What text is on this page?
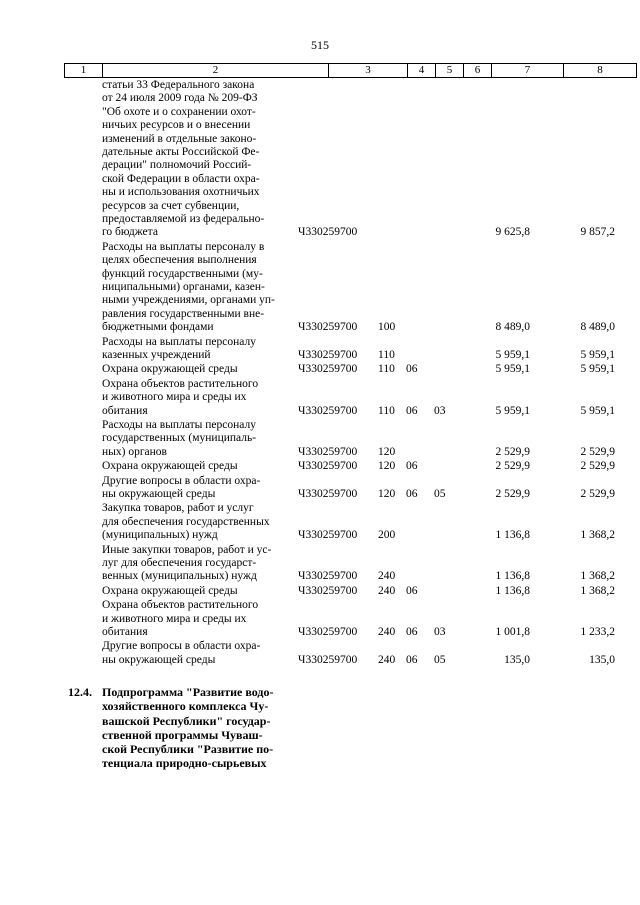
515
1	2	3	4	5	6	7	8
статьи 33 Федерального закона
от 24 июля 2009 года № 209-ФЗ
"Об охоте и о сохранении охот-
ничьих ресурсов и о внесении
изменений в отдельные законо-
дательные акты Российской Фе-
дерации" полномочий Россий-
ской Федерации в области охра-
ны и использования охотничьих
ресурсов за счет субвенции,
предоставляемой из федерально-
го бюджета	Ч330259700	9 625,8	9 857,2
Расходы на выплаты персоналу в
целях обеспечения выполнения
функций государственными (му-
ниципальными) органами, казен-
ными учреждениями, органами уп-
равления государственными вне-
бюджетными фондами	Ч330259700 100	8 489,0	8 489,0
Расходы на выплаты персоналу
казенных учреждений	Ч330259700 110	5 959,1	5 959,1
Охрана окружающей среды	Ч330259700 110 06	5 959,1	5 959,1
Охрана объектов растительного
и животного мира и среды их
обитания	Ч330259700 110 06 03	5 959,1	5 959,1
Расходы на выплаты персоналу
государственных (муниципаль-
ных) органов	Ч330259700 120	2 529,9	2 529,9
Охрана окружающей среды	Ч330259700 120 06	2 529,9	2 529,9
Другие вопросы в области охра-
ны окружающей среды	Ч330259700 120 06 05	2 529,9	2 529,9
Закупка товаров, работ и услуг
для обеспечения государственных
(муниципальных) нужд	Ч330259700 200	1 136,8	1 368,2
Иные закупки товаров, работ и ус-
луг для обеспечения государст-
венных (муниципальных) нужд	Ч330259700 240	1 136,8	1 368,2
Охрана окружающей среды	Ч330259700 240 06	1 136,8	1 368,2
Охрана объектов растительного
и животного мира и среды их
обитания	Ч330259700 240 06 03	1 001,8	1 233,2
Другие вопросы в области охра-
ны окружающей среды	Ч330259700 240 06 05	135,0	135,0
12.4. Подпрограмма "Развитие водо-
хозяйственного комплекса Чу-
вашской Республики" государ-
ственной программы Чуваш-
ской Республики "Развитие по-
тенциала природно-сырьевых
